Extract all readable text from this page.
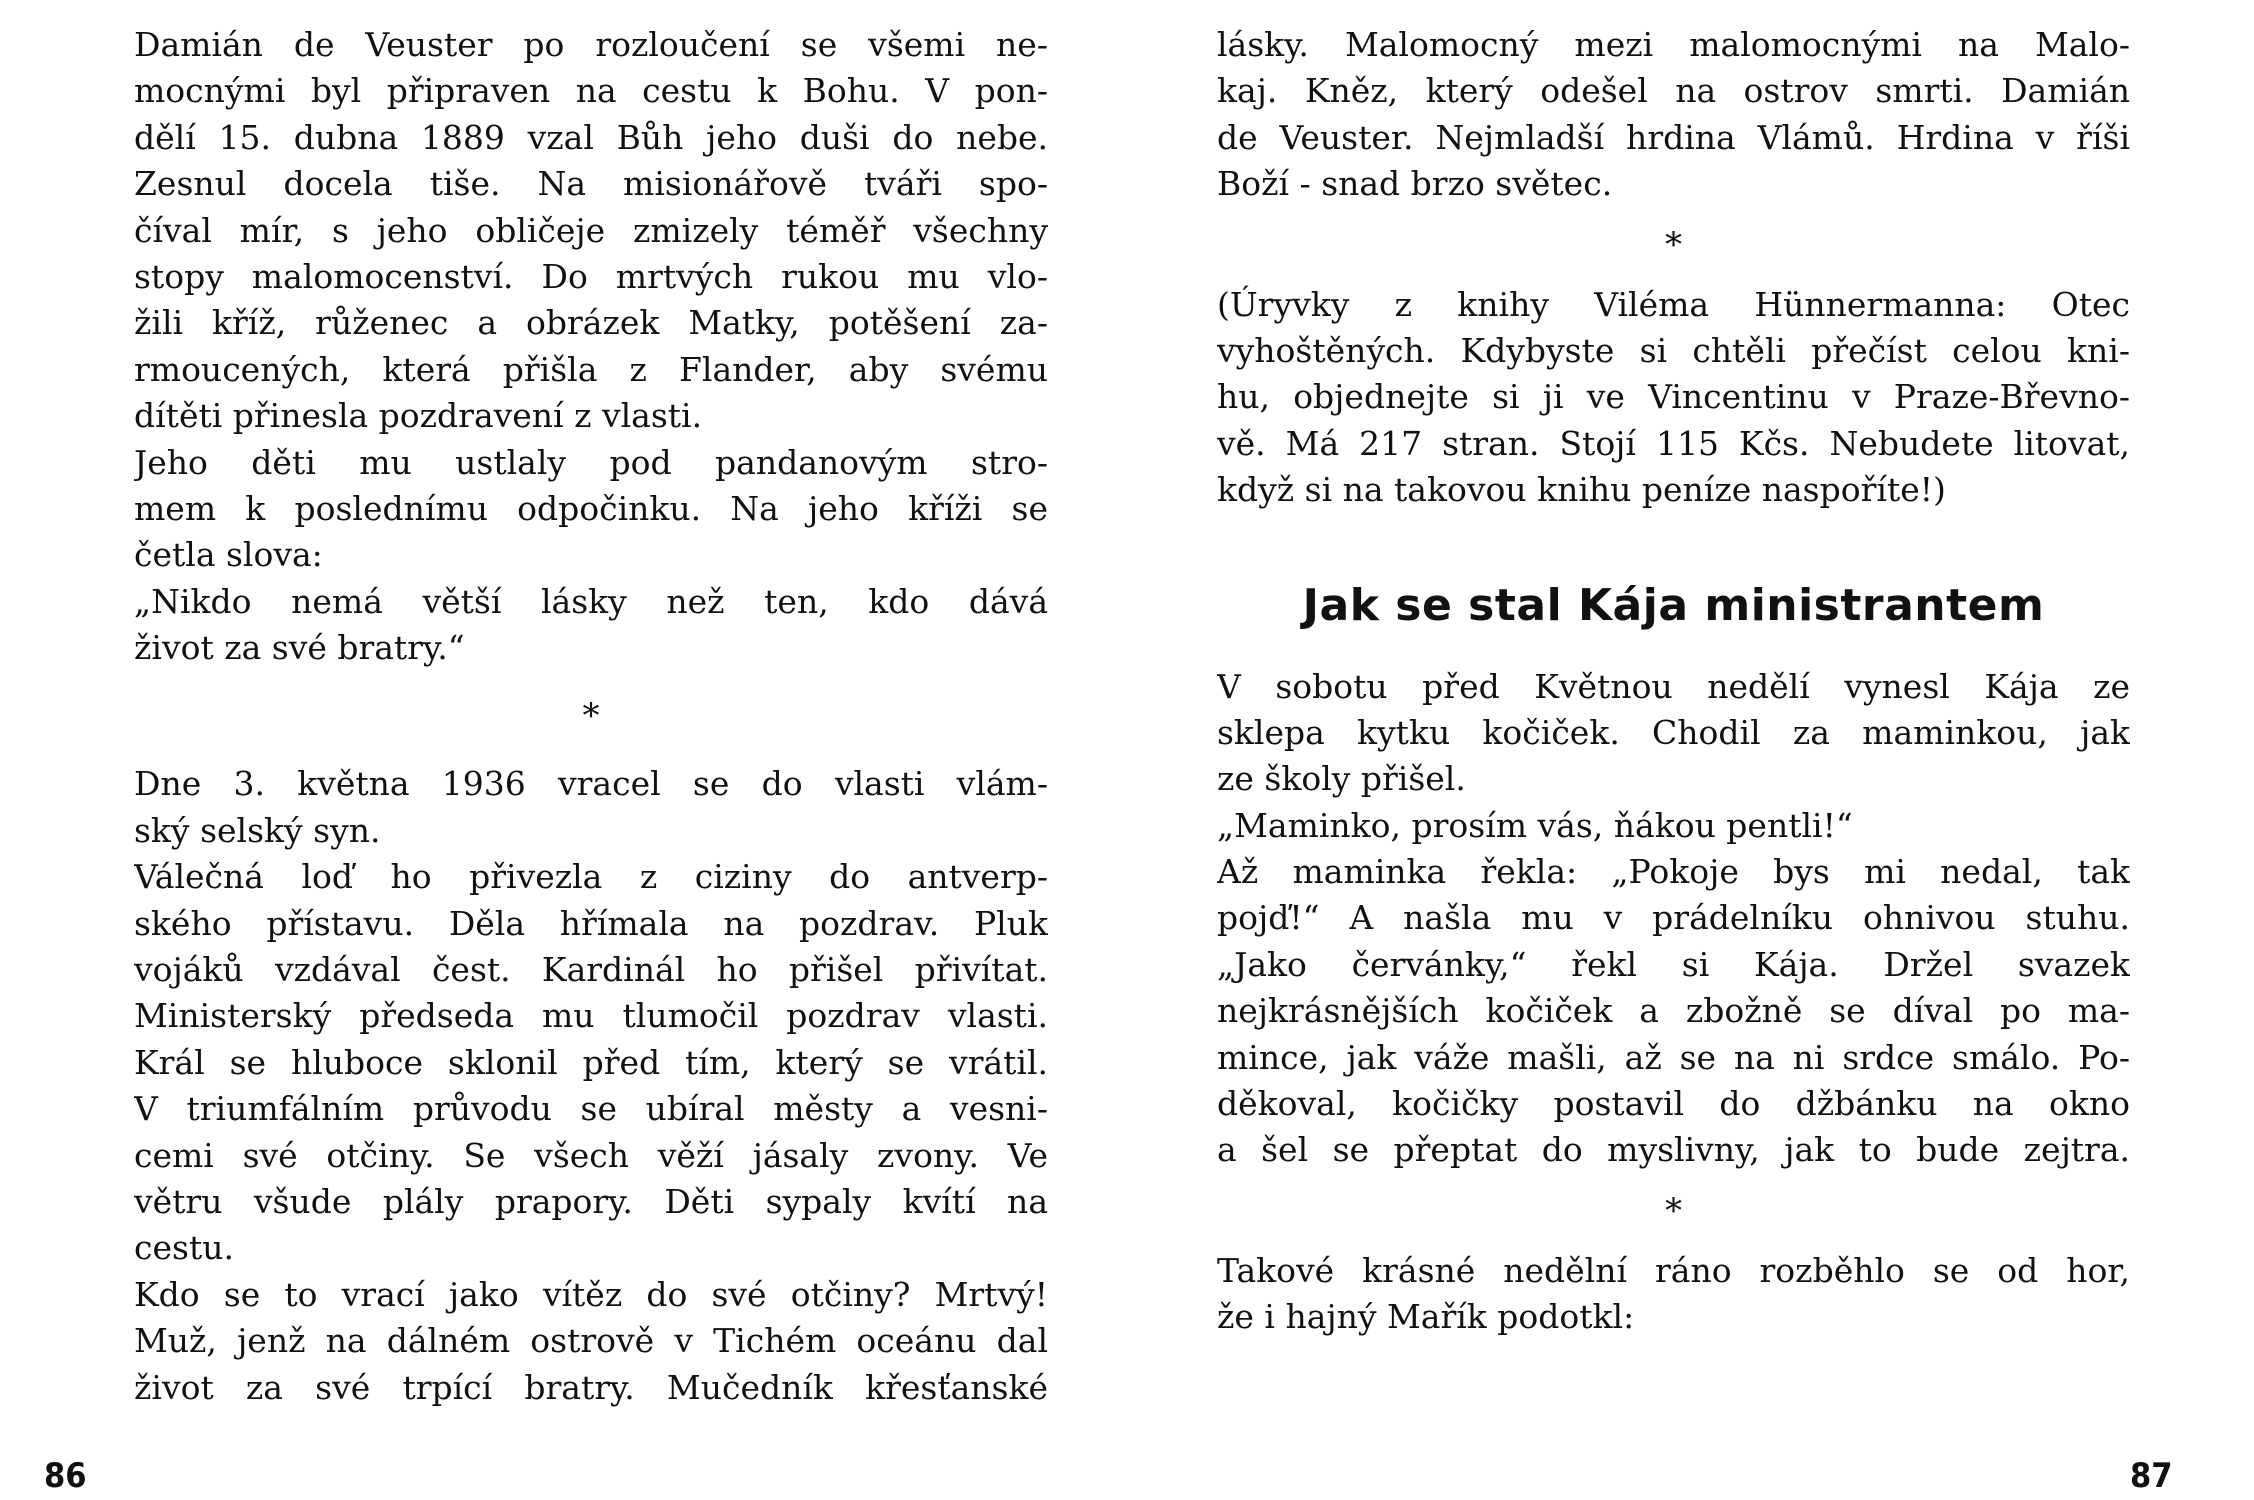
Damián de Veuster po rozloučení se všemi ne-
mocnými byl připraven na cestu k Bohu. V pon-
dělí 15. dubna 1889 vzal Bůh jeho duši do nebe.
Zesnul docela tiše. Na misionářově tváři spo-
číval mír, s jeho obličeje zmizely téměř všechny
stopy malomocenství. Do mrtvých rukou mu vlo-
žili kříž, růženec a obrázek Matky, potěšení za-
rmoucených, která přišla z Flander, aby svému
dítěti přinesla pozdravení z vlasti.
Jeho děti mu ustlaly pod pandanovým stro-
mem k poslednímu odpočinku. Na jeho kříži se
četla slova:
„Nikdo nemá větší lásky než ten, kdo dává
život za své bratry.“
*
Dne 3. května 1936 vracel se do vlasti vlám-
ský selský syn.
Válečná loď ho přivezla z ciziny do antverp-
ského přístavu. Děla hřímala na pozdrav. Pluk
vojáků vzdával čest. Kardinál ho přišel přivítat.
Ministerský předseda mu tlumočil pozdrav vlasti.
Král se hluboce sklonil před tím, který se vrátil.
V triumfálním průvodu se ubíral městy a vesni-
cemi své otčiny. Se všech věží jásaly zvony. Ve
větru všude plály prapory. Děti sypaly kvítí na
cestu.
Kdo se to vrací jako vítěz do své otčiny? Mrtvý!
Muž, jenž na dálném ostrově v Tichém oceánu dal
život za své trpící bratry. Mučedník křesťanské
86
lásky. Malomocný mezi malomocnými na Malo-
kaj. Kněz, který odešel na ostrov smrti. Damián
de Veuster. Nejmladší hrdina Vlámů. Hrdina v říši
Boží - snad brzo světec.
*
(Úryvky z knihy Viléma Hünnermanna: Otec
vyhoštěných. Kdybyste si chtěli přečíst celou kni-
hu, objednejte si ji ve Vincentinu v Praze-Břevno-
vě. Má 217 stran. Stojí 115 Kčs. Nebudete litovat,
když si na takovou knihu peníze naspoříte!)
Jak se stal Kája ministrantem
V sobotu před Květnou nedělí vynesl Kája ze
sklepa kytku kočiček. Chodil za maminkou, jak
ze školy přišel.
„Maminko, prosím vás, ňákou pentli!“
Až maminka řekla: „Pokoje bys mi nedal, tak
pojď!“ A našla mu v prádelníku ohnivou stuhu.
„Jako červánky,“ řekl si Kája. Držel svazek
nejkrásnějších kočiček a zbožně se díval po ma-
mince, jak váže mašli, až se na ni srdce smálo. Po-
děkoval, kočičky postavil do džbánku na okno
a šel se přeptat do myslivny, jak to bude zejtra.
*
Takové krásné nedělní ráno rozběhlo se od hor,
že i hajný Mařík podotkl:
87
